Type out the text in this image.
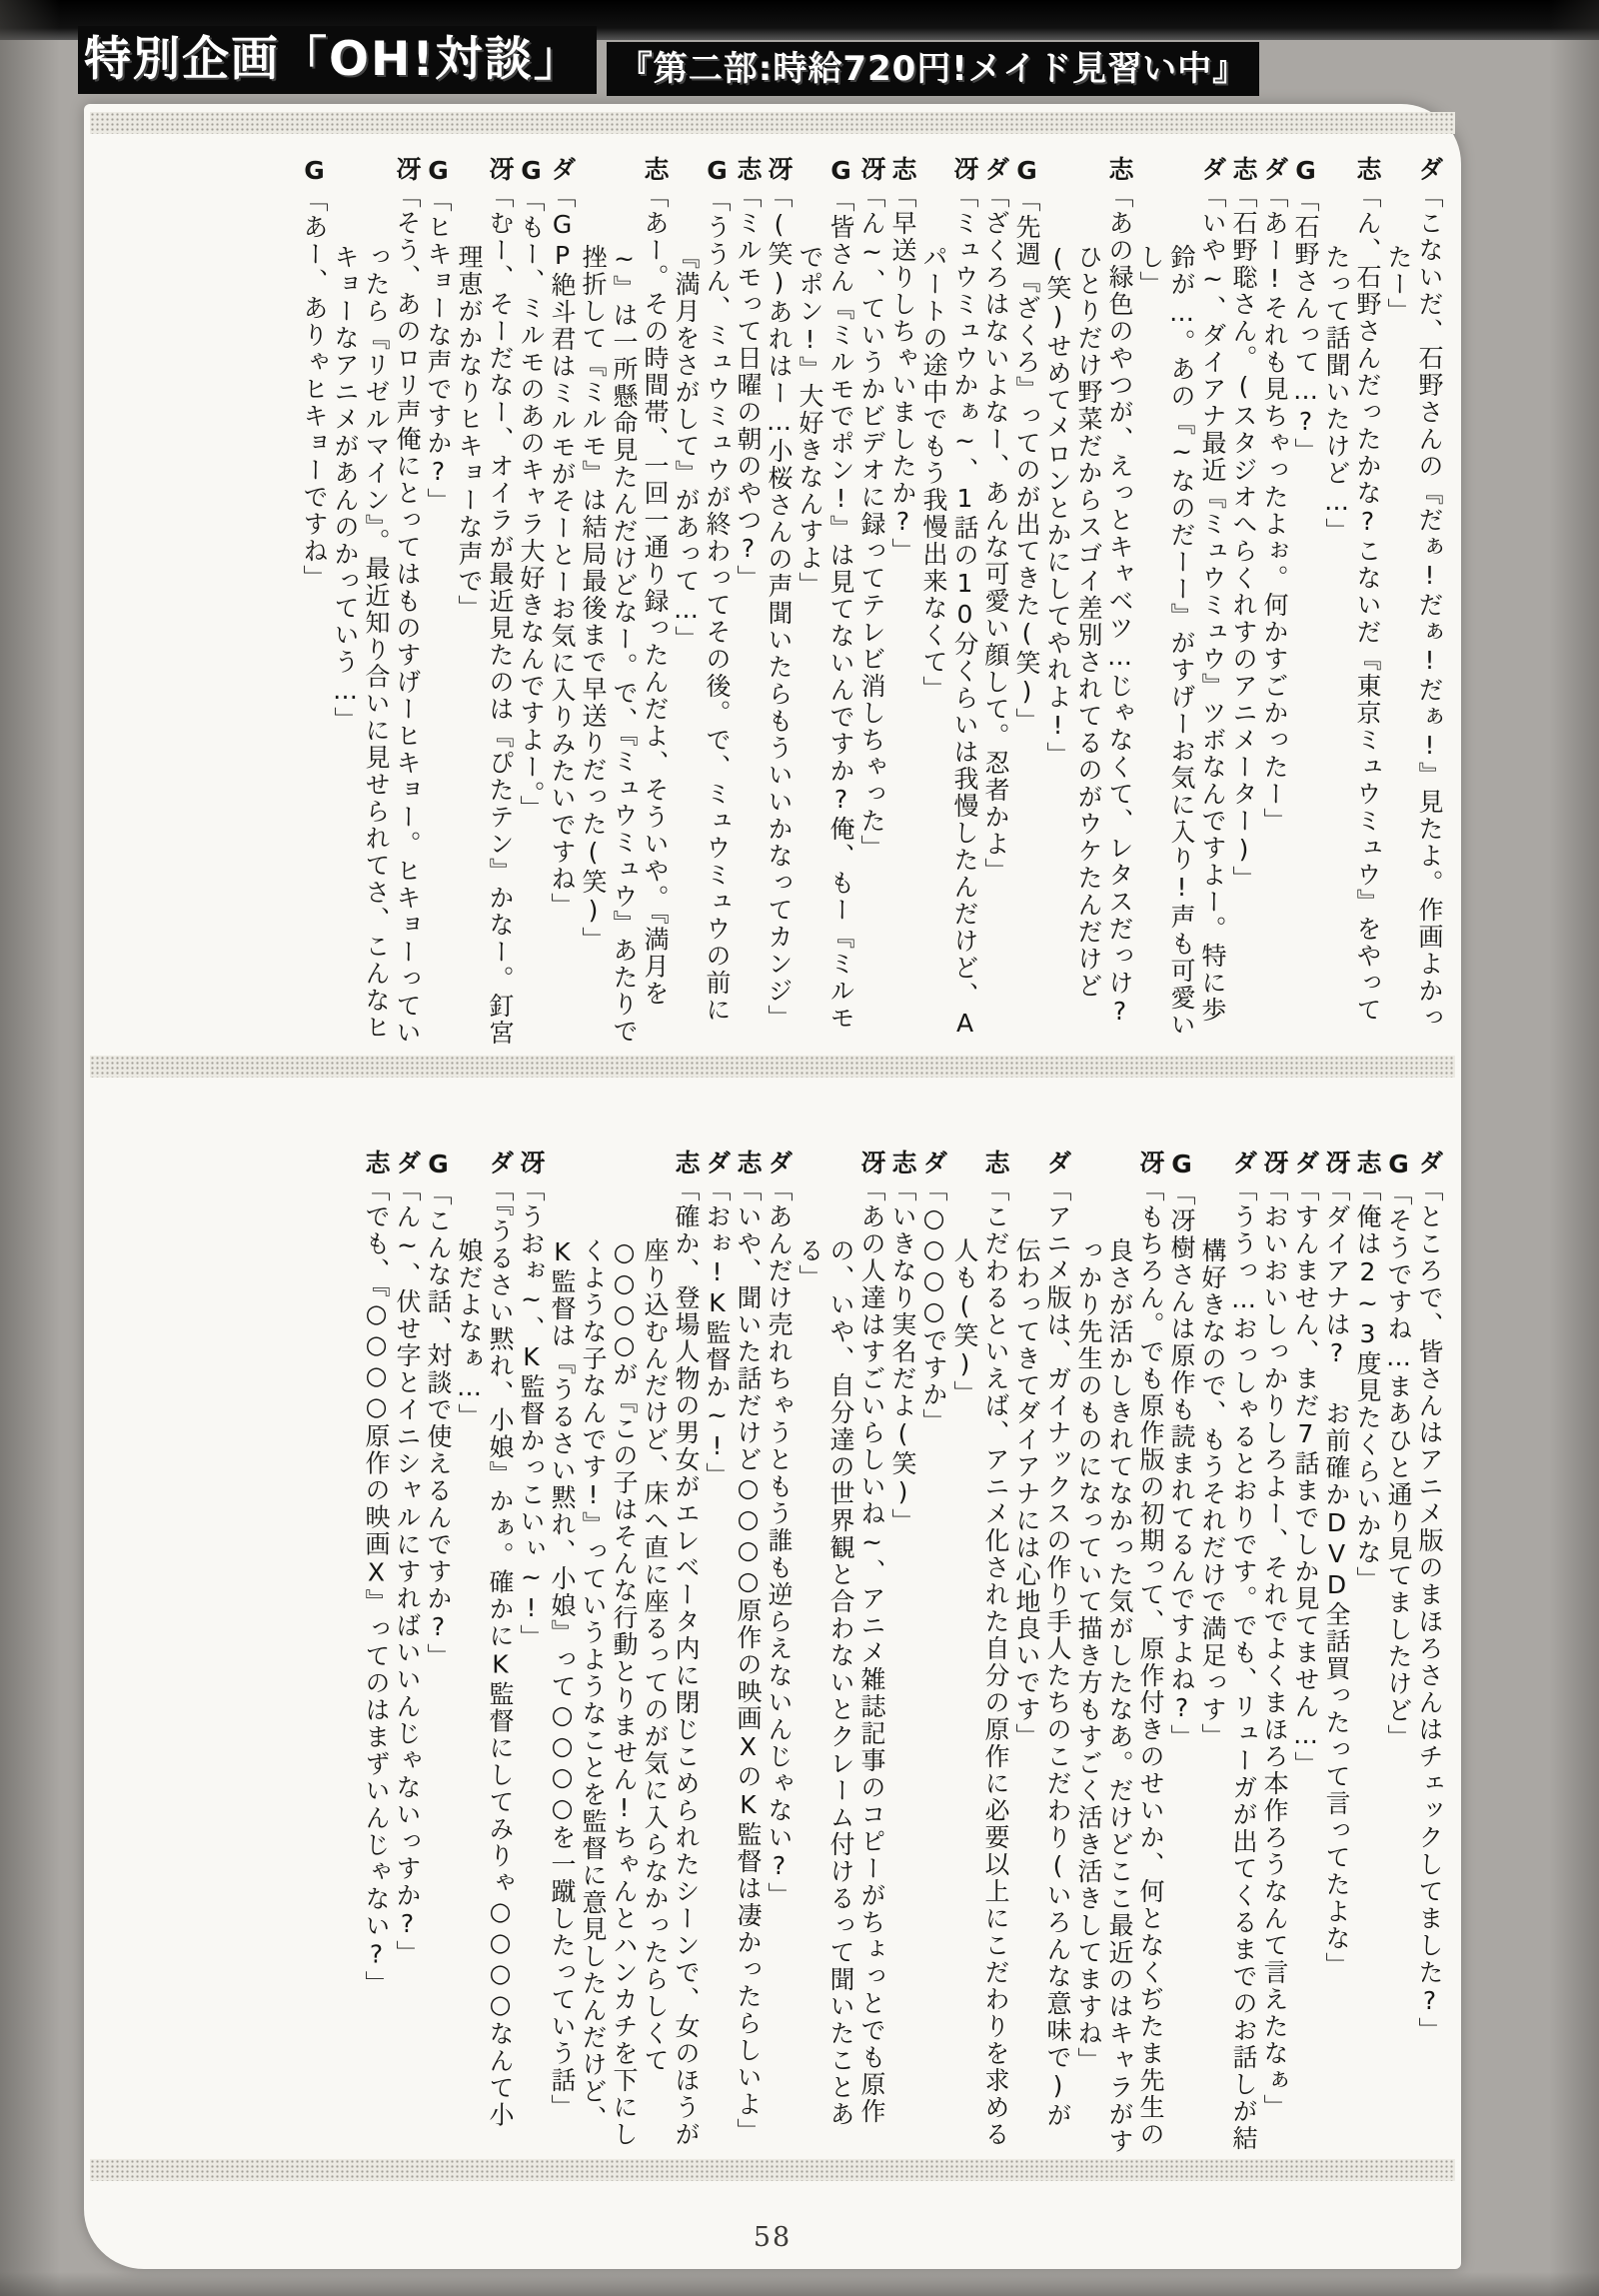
特別企画「OH!対談」	『第二部:時給720円!メイド見習い中』

ダ「こないだ、石野さんの『だぁ!だぁ!だぁ!』見たよ。作画よかったー」

志「ん、石野さんだったかな?こないだ『東京ミュウミュウ』をやってたって話聞いたけど…」

G「石野さんって…?」

ダ「あー!それも見ちゃったよぉ。何かすごかったー」

志「石野聡さん。(スタジオへらくれすのアニメーター)」

ダ「いや~、ダイアナ最近『ミュウミュウ』ツボなんですよー。特に歩鈴が…。あの『~なのだーー』がすげーお気に入り!声も可愛いし」

志「あの緑色のやつが、えっとキャベツ…じゃなくて、レタスだっけ?ひとりだけ野菜だからスゴイ差別されてるのがウケたんだけど(笑)せめてメロンとかにしてやれよ!」

G「先週『ざくろ』ってのが出てきた(笑)」

ダ「ざくろはないよなー、あんな可愛い顔して。忍者かよ」

冴「ミュウミュウかぁ~、1話の10分くらいは我慢したんだけど、Aパートの途中でもう我慢出来なくて」

志「早送りしちゃいましたか?」

冴「ん~、ていうかビデオに録ってテレビ消しちゃった」

G「皆さん『ミルモでポン!』は見てないんですか?俺、もー『ミルモでポン!』大好きなんすよ」

冴「(笑)あれはー…小桜さんの声聞いたらもういいかなってカンジ」

志「ミルモって日曜の朝のやつ?」

G「ううん、ミュウミュウが終わってその後。で、ミュウミュウの前に『満月をさがして』があって…」

志「あー。その時間帯、一回一通り録ったんだよ、そういや。『満月を~』は一所懸命見たんだけどなー。で、『ミュウミュウ』あたりで挫折して『ミルモ』は結局最後まで早送りだった(笑)」

ダ「GP絶斗君はミルモがそーとーお気に入りみたいですね」

G「もー、ミルモのあのキャラ大好きなんですよー。」

冴「むー、そーだなー、オイラが最近見たのは『ぴたテン』かなー。釘宮理恵がかなりヒキョーな声で」

G「ヒキョーな声ですか?」

冴「そう、あのロリ声俺にとってはものすげーヒキョー。ヒキョーっていったら『リゼルマイン』。最近知り合いに見せられてさ、こんなヒキョーなアニメがあんのかっていう…」

G「あー、ありゃヒキョーですね」

ダ「ところで、皆さんはアニメ版のまほろさんはチェックしてました?」

G「そうですね…まあひと通り見てましたけど」

志「俺は2~3度見たくらいかな」

冴「ダイアナは? お前確かDVD全話買ったって言ってたよな」

ダ「すんません、まだ7話までしか見てません…」

冴「おいおいしっかりしろよー、それでよくまほろ本作ろうなんて言えたなぁ」

ダ「ううっ…おっしゃるとおりです。でも、リューガが出てくるまでのお話しが結構好きなので、もうそれだけで満足っす」

G「冴樹さんは原作も読まれてるんですよね?」

冴「もちろん。でも原作版の初期って、原作付きのせいか、何となくぢたま先生の良さが活かしきれてなかった気がしたなあ。だけどここ最近のはキャラがすっかり先生のものになっていて描き方もすごく活き活きしてますね」

ダ「アニメ版は、ガイナックスの作り手人たちのこだわり(いろんな意味で)が伝わってきてダイアナには心地良いです」

志「こだわるといえば、アニメ化された自分の原作に必要以上にこだわりを求める人も(笑)」

ダ「○○○○ですか」

志「いきなり実名だよ(笑)」

冴「あの人達はすごいらしいね~、アニメ雑誌記事のコピーがちょっとでも原作の、いや、自分達の世界観と合わないとクレーム付けるって聞いたことある」

ダ「あんだけ売れちゃうともう誰も逆らえないんじゃない?」

志「いや、聞いた話だけど○○○○原作の映画XのK監督は凄かったらしいよ」

ダ「おぉ!K監督か~!」

志「確か、登場人物の男女がエレベータ内に閉じこめられたシーンで、女のほうが座り込むんだけど、床へ直に座るってのが気に入らなかったらしくて○○○○が『この子はそんな行動とりません!ちゃんとハンカチを下にしくような子なんです!』っていうようなことを監督に意見したんだけど、K監督は『うるさい黙れ、小娘』って○○○○を一蹴したっていう話」

冴「うおぉ~、K監督かっこいぃ~!」

ダ「『うるさい黙れ、小娘』かぁ。確かにK監督にしてみりゃ○○○○なんて小娘だよなぁ…」

G「こんな話、対談で使えるんですか?」

ダ「ん~、伏せ字とイニシャルにすればいいんじゃないっすか?」

志「でも、『○○○○原作の映画X』ってのはまずいんじゃない?」

58
